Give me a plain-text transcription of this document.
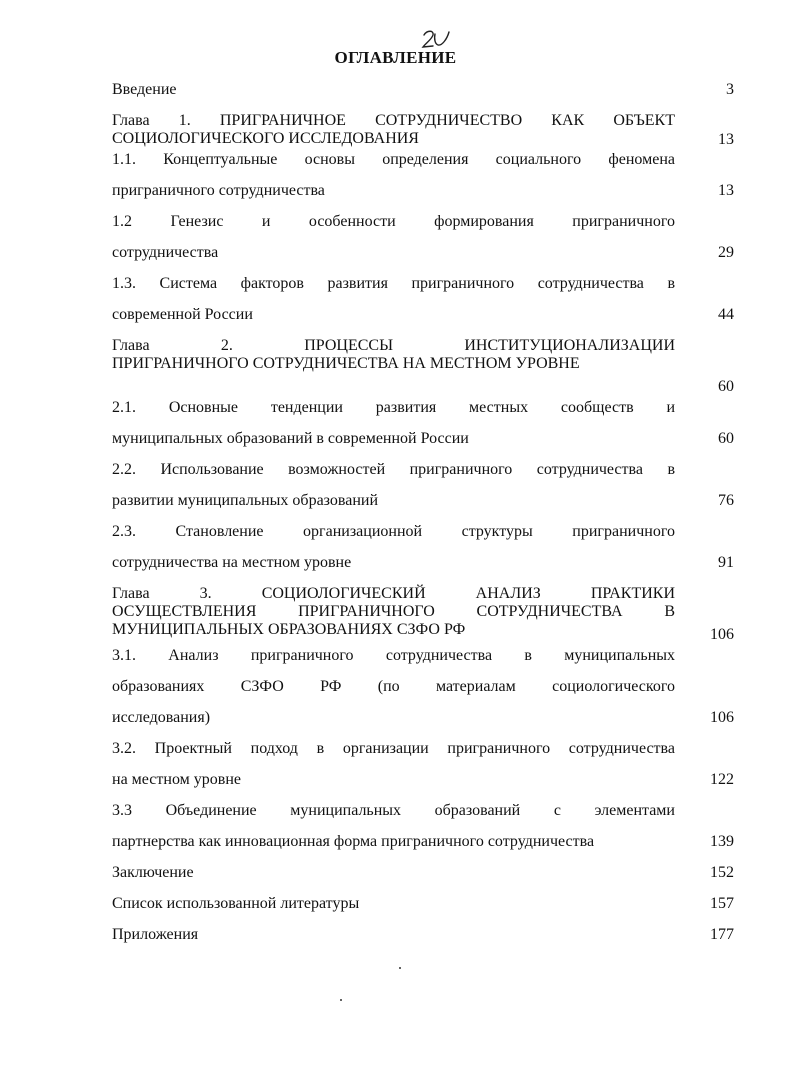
ОГЛАВЛЕНИЕ
Введение	3
Глава 1. ПРИГРАНИЧНОЕ СОТРУДНИЧЕСТВО КАК ОБЪЕКТ
СОЦИОЛОГИЧЕСКОГО ИССЛЕДОВАНИЯ	13
1.1. Концептуальные основы определения социального феномена
приграничного сотрудничества	13
1.2 Генезис и особенности формирования приграничного
сотрудничества	29
1.3. Система факторов развития приграничного сотрудничества в
современной России	44
Глава 2. ПРОЦЕССЫ ИНСТИТУЦИОНАЛИЗАЦИИ
ПРИГРАНИЧНОГО СОТРУДНИЧЕСТВА НА МЕСТНОМ УРОВНЕ
60
2.1. Основные тенденции развития местных сообществ и
муниципальных образований в современной России	60
2.2. Использование возможностей приграничного сотрудничества в
развитии муниципальных образований	76
2.3. Становление организационной структуры приграничного
сотрудничества на местном уровне	91
Глава 3. СОЦИОЛОГИЧЕСКИЙ АНАЛИЗ ПРАКТИКИ
ОСУЩЕСТВЛЕНИЯ ПРИГРАНИЧНОГО СОТРУДНИЧЕСТВА В
МУНИЦИПАЛЬНЫХ ОБРАЗОВАНИЯХ СЗФО РФ	106
3.1. Анализ приграничного сотрудничества в муниципальных
образованиях СЗФО РФ (по материалам социологического
исследования)	106
3.2. Проектный подход в организации приграничного сотрудничества
на местном уровне	122
3.3 Объединение муниципальных образований с элементами
партнерства как инновационная форма приграничного сотрудничества	139
Заключение	152
Список использованной литературы	157
Приложения	177
